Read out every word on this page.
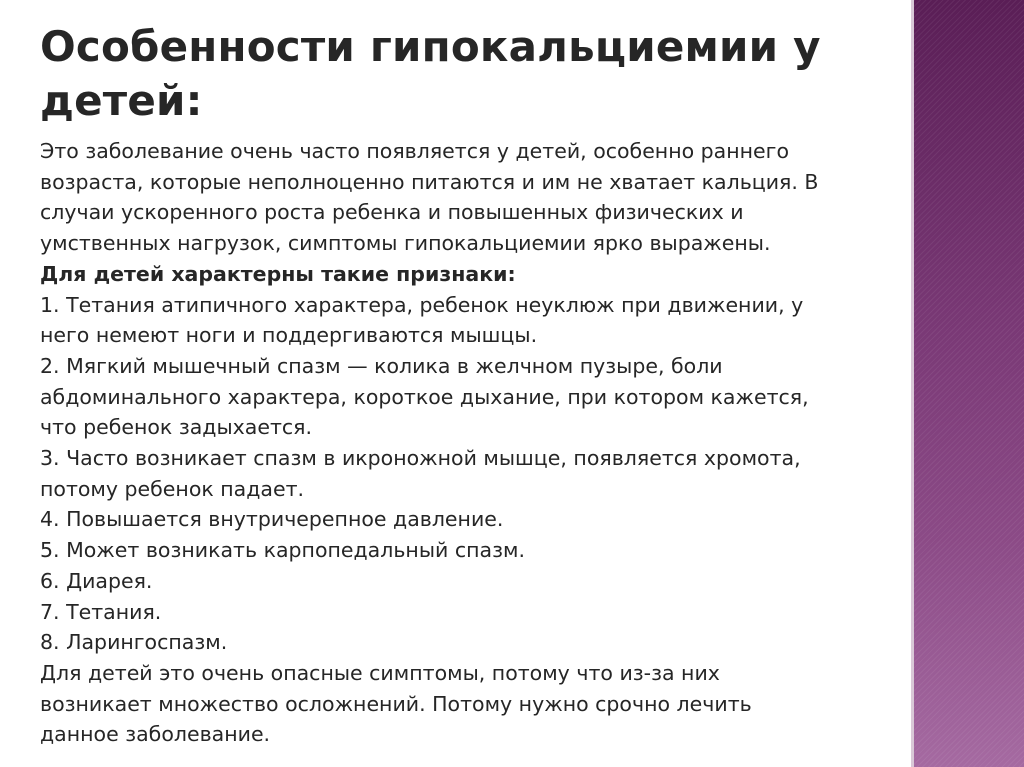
Особенности гипокальциемии у
детей:
Это заболевание очень часто появляется у детей, особенно раннего
возраста, которые неполноценно питаются и им не хватает кальция. В
случаи ускоренного роста ребенка и повышенных физических и
умственных нагрузок, симптомы гипокальциемии ярко выражены.
Для детей характерны такие признаки:
1. Тетания атипичного характера, ребенок неуклюж при движении, у
него немеют ноги и поддергиваются мышцы.
2. Мягкий мышечный спазм — колика в желчном пузыре, боли
абдоминального характера, короткое дыхание, при котором кажется,
что ребенок задыхается.
3. Часто возникает спазм в икроножной мышце, появляется хромота,
потому ребенок падает.
4. Повышается внутричерепное давление.
5. Может возникать карпопедальный спазм.
6. Диарея.
7. Тетания.
8. Ларингоспазм.
Для детей это очень опасные симптомы, потому что из-за них
возникает множество осложнений. Потому нужно срочно лечить
данное заболевание.
